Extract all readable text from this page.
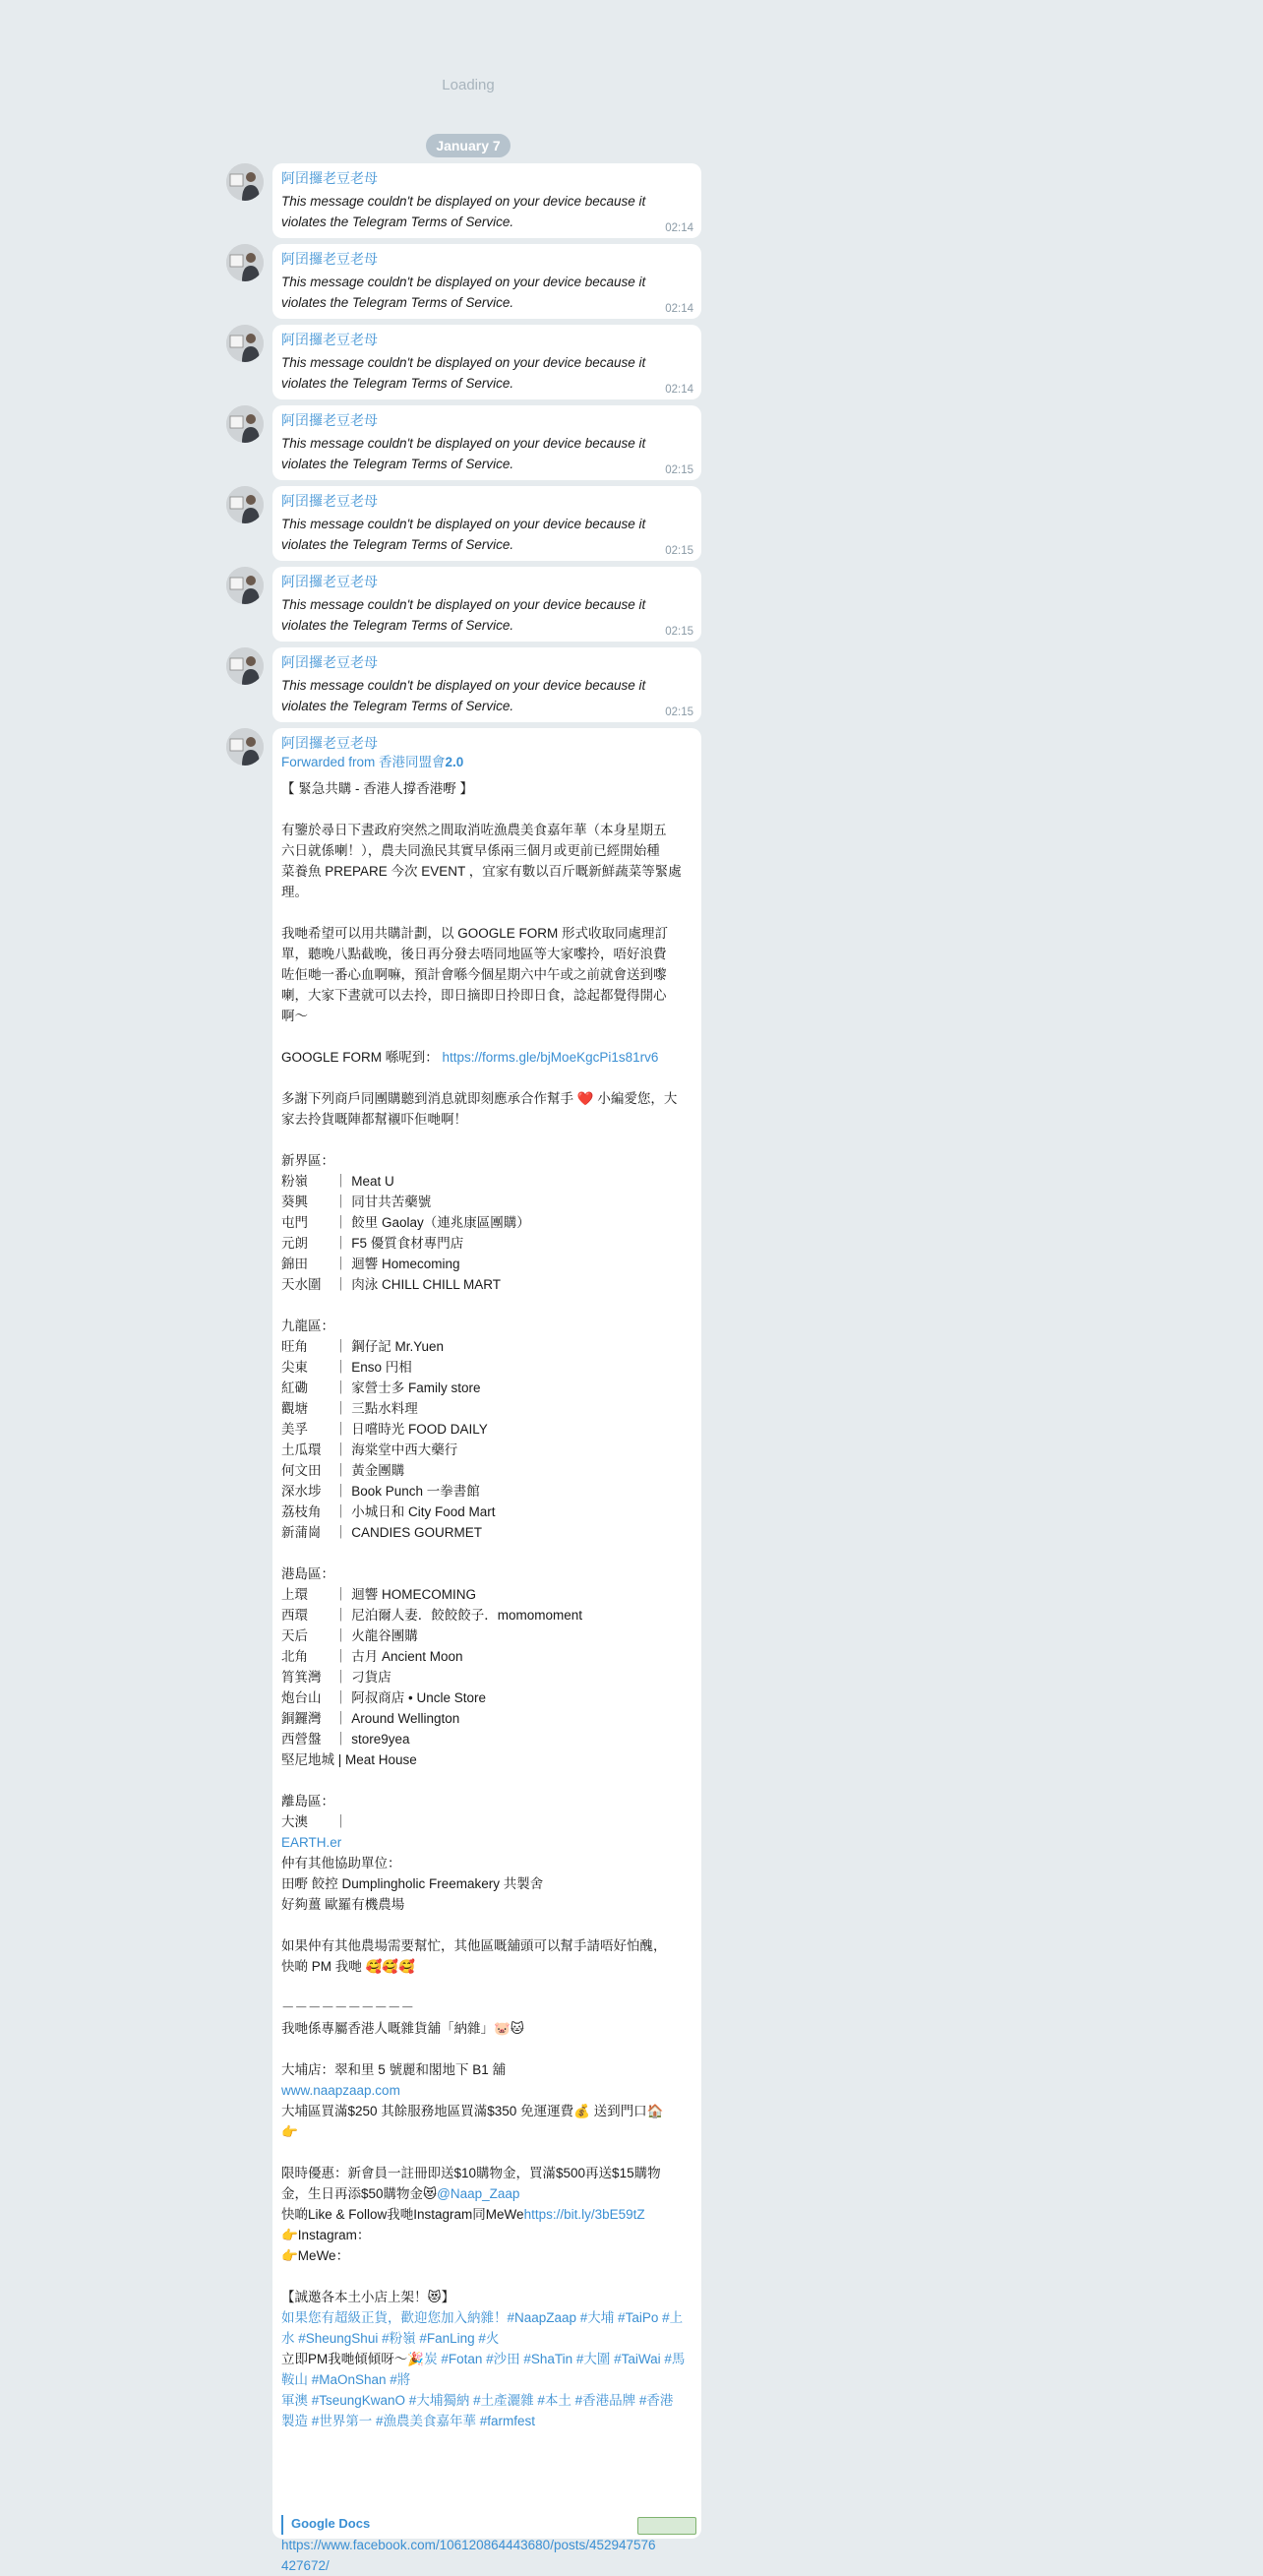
Loading
January 7
阿囝攞老豆老母
This message couldn't be displayed on your device because it
violates the Telegram Terms of Service.	02:14
阿囝攞老豆老母
This message couldn't be displayed on your device because it
violates the Telegram Terms of Service.	02:14
阿囝攞老豆老母
This message couldn't be displayed on your device because it
violates the Telegram Terms of Service.	02:14
阿囝攞老豆老母
This message couldn't be displayed on your device because it
violates the Telegram Terms of Service.	02:15
阿囝攞老豆老母
This message couldn't be displayed on your device because it
violates the Telegram Terms of Service.	02:15
阿囝攞老豆老母
This message couldn't be displayed on your device because it
violates the Telegram Terms of Service.	02:15
阿囝攞老豆老母
This message couldn't be displayed on your device because it
violates the Telegram Terms of Service.	02:15
阿囝攞老豆老母
Forwarded from 香港同盟會2.0
【 緊急共購 - 香港人撐香港嘢 】
有鑒於尋日下晝政府突然之間取消咗漁農美食嘉年華（本身星期五
六日就係喇！），農夫同漁民其實早係兩三個月或更前已經開始種
菜養魚 PREPARE 今次 EVENT ，宜家有數以百斤嘅新鮮蔬菜等緊處
理。
我哋希望可以用共購計劃，以 GOOGLE FORM 形式收取同處理訂
單，聽晚八點截晚，後日再分發去唔同地區等大家嚟拎，唔好浪費
咗佢哋一番心血啊嘛，預計會喺今個星期六中午或之前就會送到嚟
喇，大家下晝就可以去拎，即日摘即日拎即日食，諗起都覺得開心
啊～
GOOGLE FORM 喺呢到： https://forms.gle/bjMoeKgcPi1s81rv6
多謝下列商戶同團購聽到消息就即刻應承合作幫手 ❤️ 小編愛您，大
家去拎貨嘅陣都幫襯吓佢哋啊！
新界區：
粉嶺　　｜ Meat U
葵興　　｜ 同甘共苦藥號
屯門　　｜ 餃里 Gaolay（連兆康區團購）
元朗　　｜ F5 優質食材專門店
錦田　　｜ 迴響 Homecoming
天水圍　｜ 肉泳 CHILL CHILL MART
九龍區：
旺角　　｜ 鋼仔記 Mr.Yuen
尖東　　｜ Enso 円相
紅磡　　｜ 家營士多 Family store
觀塘　　｜ 三點水料理
美孚　　｜ 日嚐時光 FOOD DAILY
土瓜環　｜ 海棠堂中西大藥行
何文田　｜ 黃金團購
深水埗　｜ Book Punch 一拳書館
荔枝角　｜ 小城日和 City Food Mart
新蒲崗　｜ CANDIES GOURMET
港島區：
上環　　｜ 迴響 HOMECOMING
西環　　｜ 尼泊爾人妻．餃餃餃子．momomoment
天后　　｜ 火龍谷團購
北角　　｜ 古月 Ancient Moon
筲箕灣　｜ 刁貨店
炮台山　｜ 阿叔商店 • Uncle Store
銅鑼灣　｜ Around Wellington
西營盤　｜ store9yea
堅尼地城 | Meat House
離島區：
大澳　　｜
EARTH.er
仲有其他協助單位：
田嘢 餃控 Dumplingholic Freemakery 共製舍
好夠薑 歐羅有機農場
如果仲有其他農場需要幫忙，其他區嘅舖頭可以幫手請唔好怕醜，
快啲 PM 我哋 🥰🥰🥰
－－－－－－－－－－
我哋係專屬香港人嘅雜貨舖「納雜」🐷🐱
大埔店：翠和里 5 號麗和閣地下 B1 舖
www.naapzaap.com
大埔區買滿$250 其餘服務地區買滿$350 免運運費💰 送到門口🏠
👉
限時優惠：新會員一註冊即送$10購物金，買滿$500再送$15購物
金，生日再添$50購物金😻@Naap_Zaap
快啲Like & Follow我哋Instagram同MeWehttps://bit.ly/3bE59tZ
👉Instagram：
👉MeWe：
【誠邀各本土小店上架！😻】
如果您有超級正貨，歡迎您加入納雜！#NaapZaap #大埔 #TaiPo #上水 #SheungShui #粉嶺 #FanLing #火
立即PM我哋傾傾呀～🎉炭 #Fotan #沙田 #ShaTin #大圍 #TaiWai #馬鞍山 #MaOnShan #將
軍澳 #TseungKwanO #大埔獨納 #土產灑雜 #本土 #香港品牌 #香港
製造 #世界第一 #漁農美食嘉年華 #farmfest
https://www.facebook.com/106120864443680/posts/452947576
427672/
Google Docs
